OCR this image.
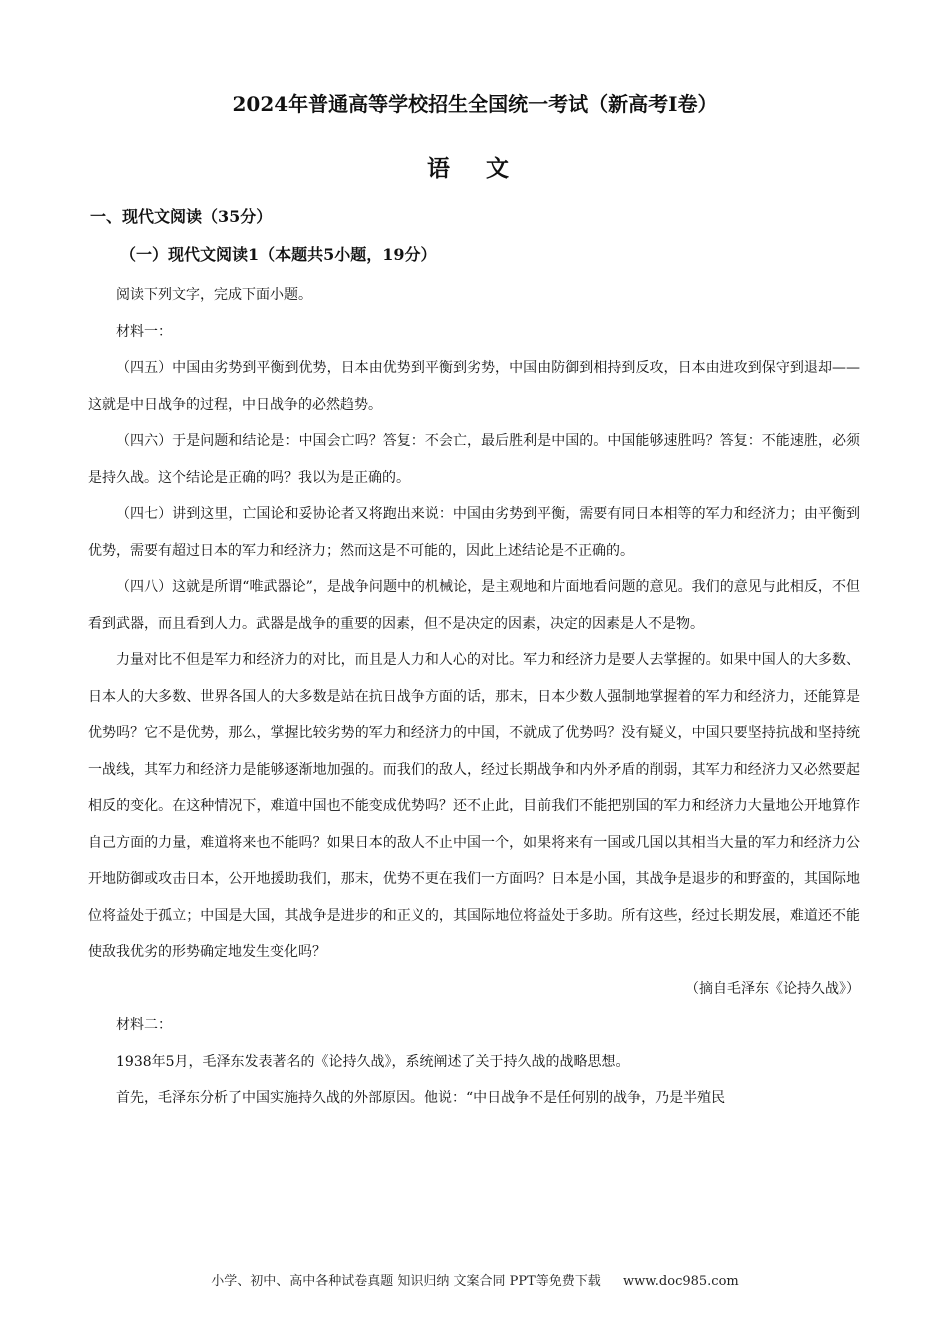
2024年普通高等学校招生全国统一考试（新高考Ⅰ卷）
语 文
一、现代文阅读（35分）
（一）现代文阅读1（本题共5小题，19分）

阅读下列文字，完成下面小题。

材料一：

（四五）中国由劣势到平衡到优势，日本由优势到平衡到劣势，中国由防御到相持到反攻，日本由进攻到保守到退却——这就是中日战争的过程，中日战争的必然趋势。

（四六）于是问题和结论是：中国会亡吗？答复：不会亡，最后胜利是中国的。中国能够速胜吗？答复：不能速胜，必须是持久战。这个结论是正确的吗？我以为是正确的。

（四七）讲到这里，亡国论和妥协论者又将跑出来说：中国由劣势到平衡，需要有同日本相等的军力和经济力；由平衡到优势，需要有超过日本的军力和经济力；然而这是不可能的，因此上述结论是不正确的。

（四八）这就是所谓“唯武器论”，是战争问题中的机械论，是主观地和片面地看问题的意见。我们的意见与此相反，不但看到武器，而且看到人力。武器是战争的重要的因素，但不是决定的因素，决定的因素是人不是物。

力量对比不但是军力和经济力的对比，而且是人力和人心的对比。军力和经济力是要人去掌握的。如果中国人的大多数、日本人的大多数、世界各国人的大多数是站在抗日战争方面的话，那末，日本少数人强制地掌握着的军力和经济力，还能算是优势吗？它不是优势，那么，掌握比较劣势的军力和经济力的中国，不就成了优势吗？没有疑义，中国只要坚持抗战和坚持统一战线，其军力和经济力是能够逐渐地加强的。而我们的敌人，经过长期战争和内外矛盾的削弱，其军力和经济力又必然要起相反的变化。在这种情况下，难道中国也不能变成优势吗？还不止此，目前我们不能把别国的军力和经济力大量地公开地算作自己方面的力量，难道将来也不能吗？如果日本的敌人不止中国一个，如果将来有一国或几国以其相当大量的军力和经济力公开地防御或攻击日本，公开地援助我们，那末，优势不更在我们一方面吗？日本是小国，其战争是退步的和野蛮的，其国际地位将益处于孤立；中国是大国，其战争是进步的和正义的，其国际地位将益处于多助。所有这些，经过长期发展，难道还不能使敌我优劣的形势确定地发生变化吗？

（摘自毛泽东《论持久战》）

材料二：

1938年5月，毛泽东发表著名的《论持久战》，系统阐述了关于持久战的战略思想。

首先，毛泽东分析了中国实施持久战的外部原因。他说：“中日战争不是任何别的战争，乃是半殖民

小学、初中、高中各种试卷真题 知识归纳 文案合同 PPT等免费下载 www.doc985.com
